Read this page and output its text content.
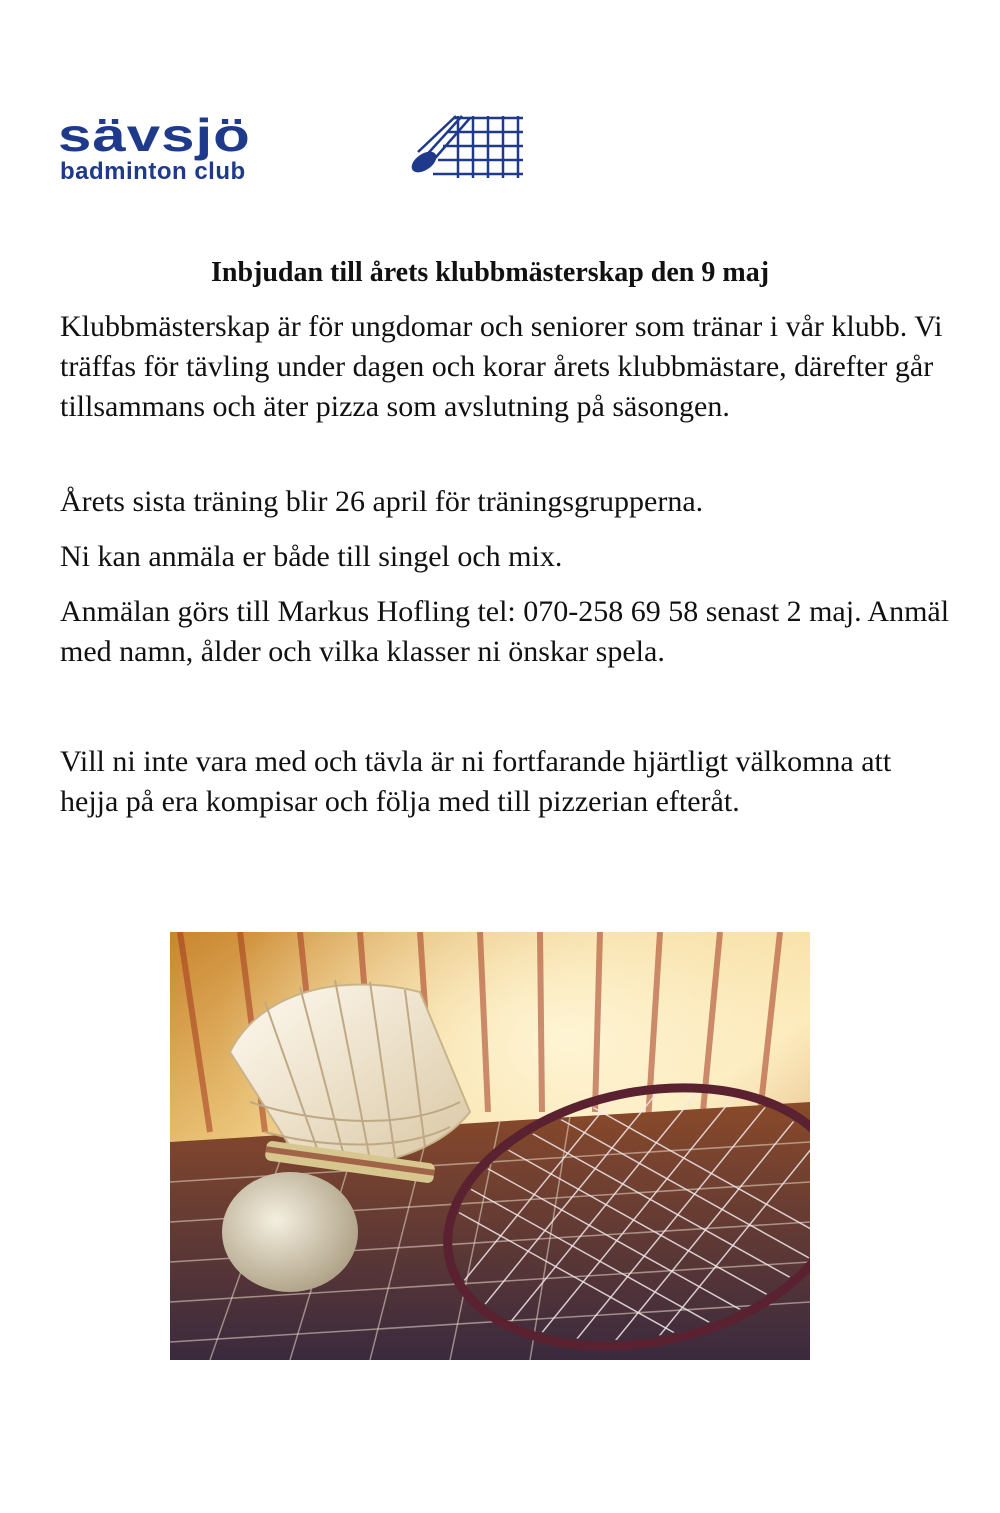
sävsjö
badminton club
Inbjudan till årets klubbmästerskap den 9 maj

Klubbmästerskap är för ungdomar och seniorer som tränar i vår klubb. Vi träffas för tävling under dagen och korar årets klubbmästare, därefter går tillsammans och äter pizza som avslutning på säsongen.

Årets sista träning blir 26 april för träningsgrupperna.

Ni kan anmäla er både till singel och mix.

Anmälan görs till Markus Hofling tel: 070-258 69 58 senast 2 maj. Anmäl med namn, ålder och vilka klasser ni önskar spela.

Vill ni inte vara med och tävla är ni fortfarande hjärtligt välkomna att hejja på era kompisar och följa med till pizzerian efteråt.
